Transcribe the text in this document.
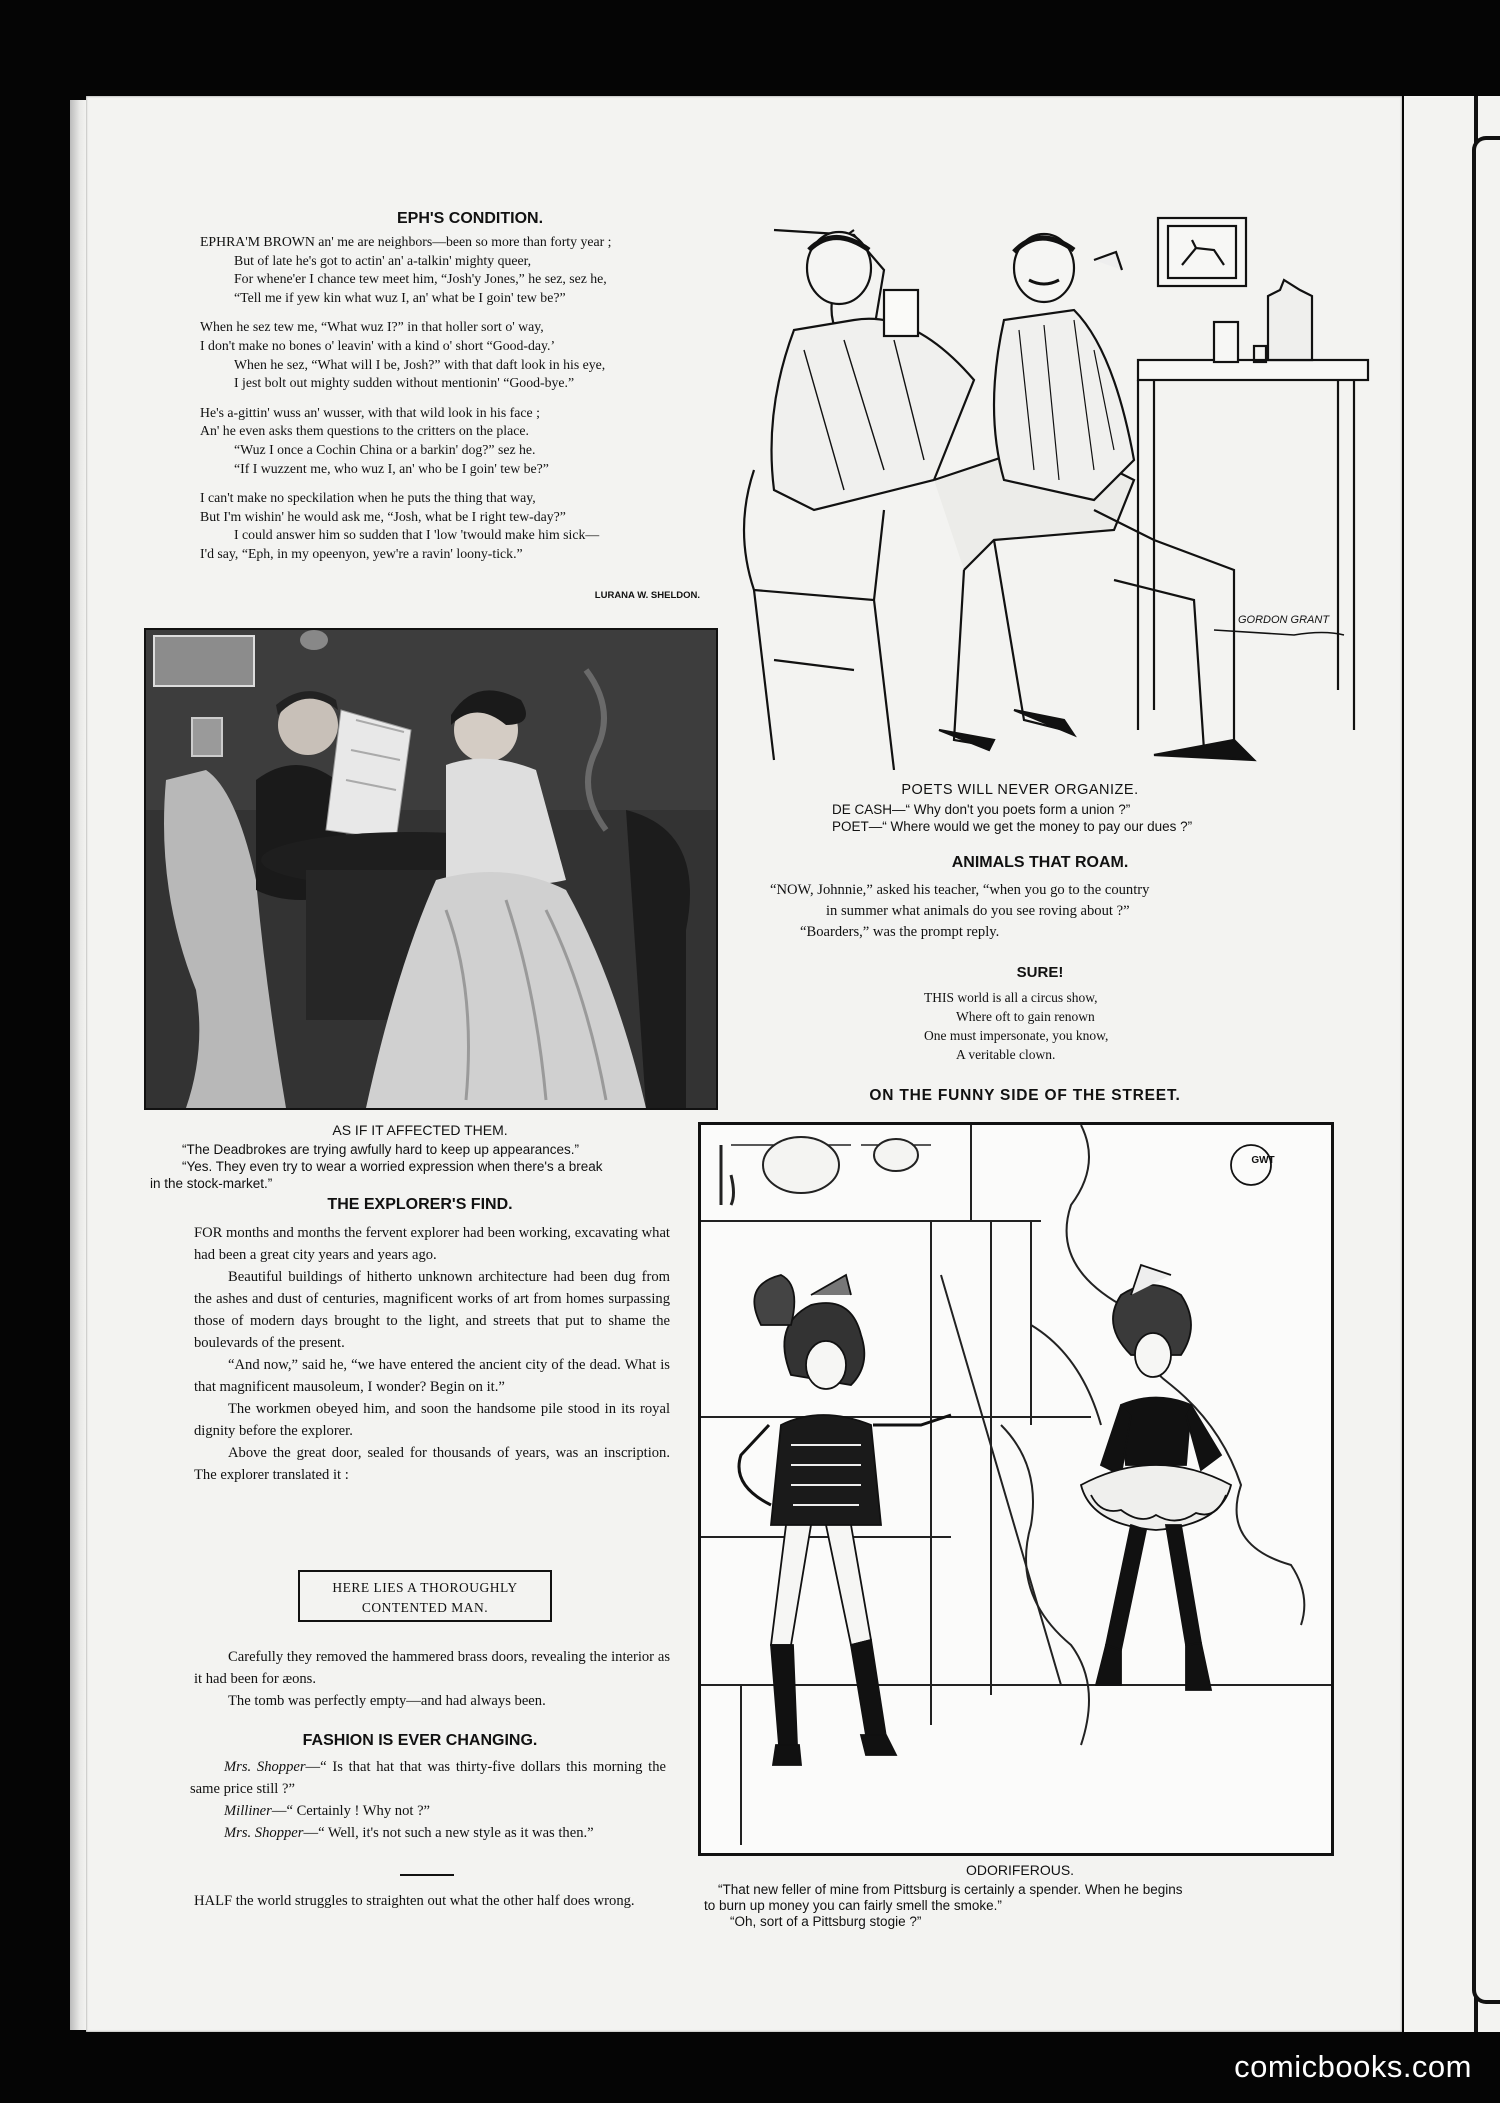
EPH'S CONDITION.
EPHRA'M BROWN an' me are neighbors—been so more than forty year ;
But of late he's got to actin' an' a-talkin' mighty queer,
For whene'er I chance tew meet him, “Josh'y Jones,” he sez, sez he,
“Tell me if yew kin what wuz I, an' what be I goin' tew be?”
When he sez tew me, “What wuz I?” in that holler sort o' way,
I don't make no bones o' leavin' with a kind o' short “Good-day.’
When he sez, “What will I be, Josh?” with that daft look in his eye,
I jest bolt out mighty sudden without mentionin' “Good-bye.”
He's a-gittin' wuss an' wusser, with that wild look in his face ;
An' he even asks them questions to the critters on the place.
“Wuz I once a Cochin China or a barkin' dog?” sez he.
“If I wuzzent me, who wuz I, an' who be I goin' tew be?”
I can't make no speckilation when he puts the thing that way,
But I'm wishin' he would ask me, “Josh, what be I right tew-day?”
I could answer him so sudden that I 'low 'twould make him sick—
I'd say, “Eph, in my opeenyon, yew're a ravin' loony-tick.”
LURANA W. SHELDON.
GORDON GRANT
POETS WILL NEVER ORGANIZE.
DE CASH—“ Why don't you poets form a union ?”
POET—“ Where would we get the money to pay our dues ?”
ANIMALS THAT ROAM.
“NOW, Johnnie,” asked his teacher, “when you go to the country
in summer what animals do you see roving about ?”
“Boarders,” was the prompt reply.
SURE!
THIS world is all a circus show,
Where oft to gain renown
One must impersonate, you know,
A veritable clown.
ON THE FUNNY SIDE OF THE STREET.
GWT
ODORIFEROUS.
“That new feller of mine from Pittsburg is certainly a spender. When he begins
to burn up money you can fairly smell the smoke.”
“Oh, sort of a Pittsburg stogie ?”
AS IF IT AFFECTED THEM.
“The Deadbrokes are trying awfully hard to keep up appearances.”
“Yes. They even try to wear a worried expression when there's a break
in the stock-market.”
THE EXPLORER'S FIND.

FOR months and months the fervent explorer had been working, excavating what had been a great city years and years ago.

Beautiful buildings of hitherto unknown architecture had been dug from the ashes and dust of centuries, magnificent works of art from homes surpassing those of modern days brought to the light, and streets that put to shame the boulevards of the present.

“And now,” said he, “we have entered the ancient city of the dead. What is that magnificent mausoleum, I wonder? Begin on it.”

The workmen obeyed him, and soon the handsome pile stood in its royal dignity before the explorer.

Above the great door, sealed for thousands of years, was an inscription. The explorer translated it :

HERE LIES A THOROUGHLY
CONTENTED MAN.

Carefully they removed the hammered brass doors, revealing the interior as it had been for æons.

The tomb was perfectly empty—and had always been.

FASHION IS EVER CHANGING.

Mrs. Shopper—“ Is that hat that was thirty-five dollars this morning the same price still ?”

Milliner—“ Certainly ! Why not ?”

Mrs. Shopper—“ Well, it's not such a new style as it was then.”

HALF the world struggles to straighten out what the other half does wrong.
comicbooks.com
